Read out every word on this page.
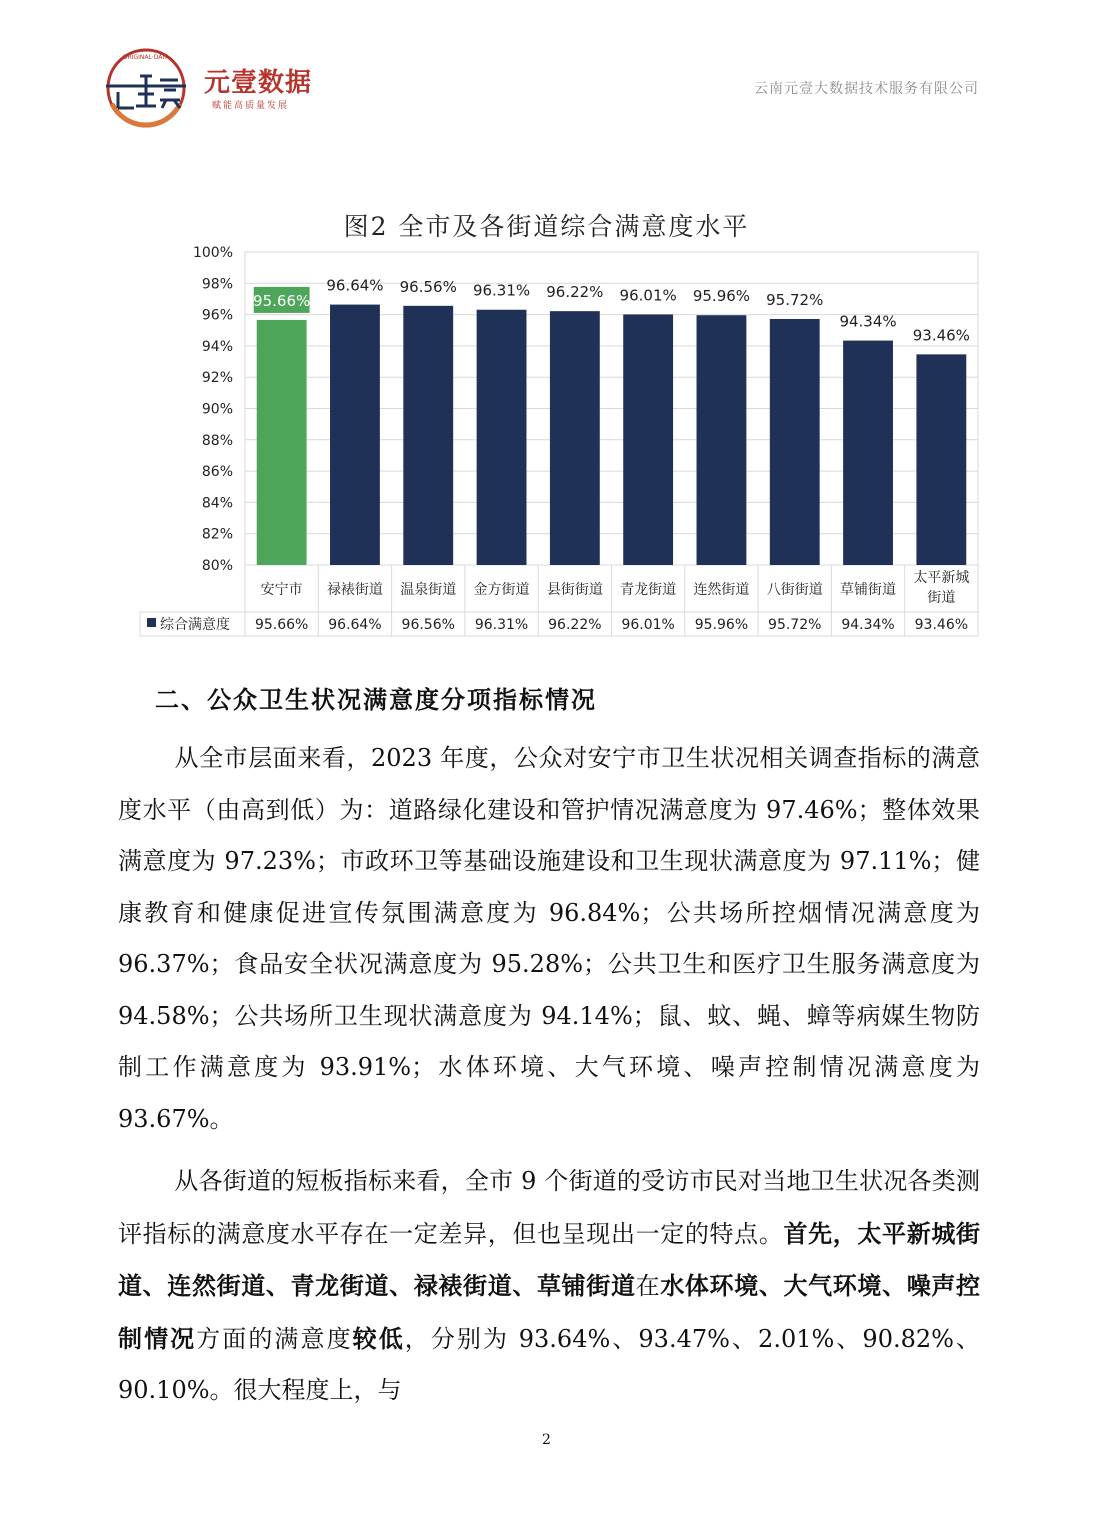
ORIGINAL·DATA
元壹数据
赋能高质量发展
云南元壹大数据技术服务有限公司
图2 全市及各街道综合满意度水平
80%
82%
84%
86%
88%
90%
92%
94%
96%
98%
100%
95.66%
96.64% 96.56% 96.31% 96.22% 96.01% 95.96% 95.72%
94.34%
93.46%
安宁市
95.66%
禄裱街道
96.64%
温泉街道
96.56%
金方街道
96.31%
县街街道
96.22%
青龙街道
96.01%
连然街道
95.96%
八街街道
95.72%
草铺街道
94.34%
太平新城
街道
93.46%
综合满意度
二、公众卫生状况满意度分项指标情况

从全市层面来看，2023 年度，公众对安宁市卫生状况相关调查指标的满意度水平（由高到低）为：道路绿化建设和管护情况满意度为 97.46%；整体效果满意度为 97.23%；市政环卫等基础设施建设和卫生现状满意度为 97.11%；健康教育和健康促进宣传氛围满意度为 96.84%；公共场所控烟情况满意度为 96.37%；食品安全状况满意度为 95.28%；公共卫生和医疗卫生服务满意度为 94.58%；公共场所卫生现状满意度为 94.14%；鼠、蚊、蝇、蟑等病媒生物防制工作满意度为 93.91%；水体环境、大气环境、噪声控制情况满意度为 93.67%。

从各街道的短板指标来看，全市 9 个街道的受访市民对当地卫生状况各类测评指标的满意度水平存在一定差异，但也呈现出一定的特点。首先，太平新城街道、连然街道、青龙街道、禄裱街道、草铺街道在水体环境、大气环境、噪声控制情况方面的满意度较低，分别为 93.64%、93.47%、2.01%、90.82%、90.10%。很大程度上，与

2
